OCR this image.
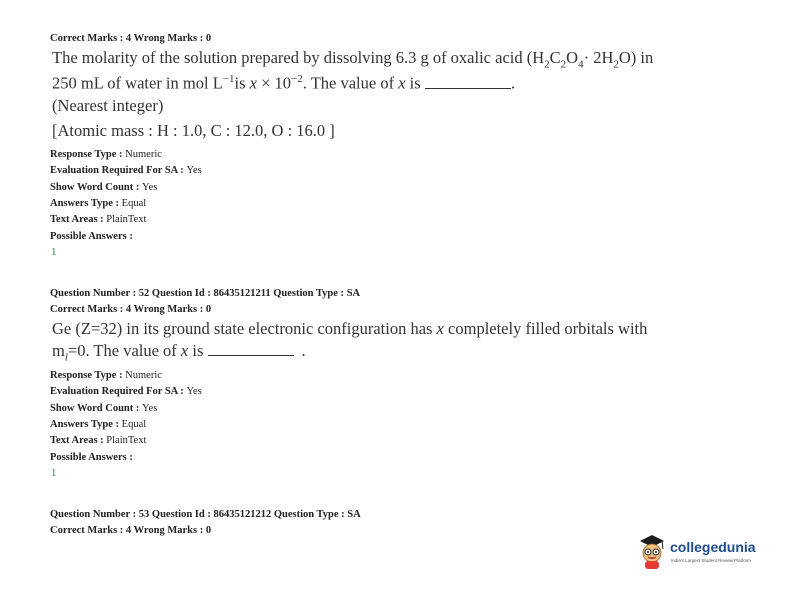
Correct Marks : 4 Wrong Marks : 0
The molarity of the solution prepared by dissolving 6.3 g of oxalic acid $(H_2C_2O_4\cdot 2H_2O)$ in
250 mL of water in mol $L^{-1}is$ $x \times 10^{-2}$. The value of x is	.
(Nearest integer)
[Atomic mass : H : 1.0, C : 12.0, O : 16.0 ]
Response Type : Numeric
Evaluation Required For SA : Yes
Show Word Count : Yes
Answers Type : Equal
Text Areas : PlainText
Possible Answers :
1
Question Number : 52 Question Id : 86435121211 Question Type : SA
Correct Marks : 4 Wrong Marks : 0
Ge (Z=32) in its ground state electronic configuration has x completely filled orbitals with
$m_l=0$. The value of x is	.
Response Type : Numeric
Evaluation Required For SA : Yes
Show Word Count : Yes
Answers Type : Equal
Text Areas : PlainText
Possible Answers :
1
Question Number : 53 Question Id : 86435121212 Question Type : SA
Correct Marks : 4 Wrong Marks : 0
collegedunia
India's Largest Student Review Platform
